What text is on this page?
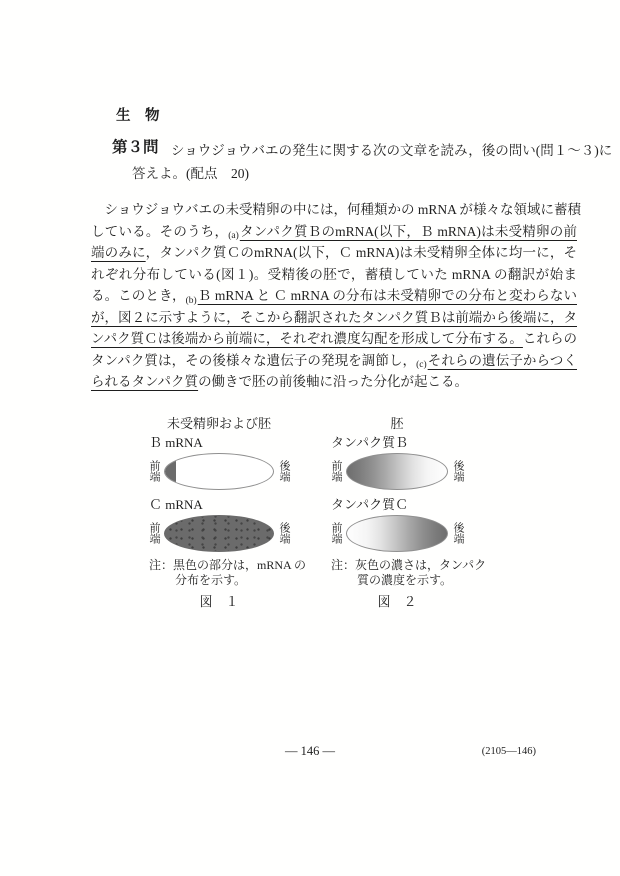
生　物
第３問 ショウジョウバエの発生に関する次の文章を読み，後の問い(問１～３)に
答えよ。(配点　20)
　ショウジョウバエの未受精卵の中には，何種類かの mRNA が様々な領域に蓄積
している。そのうち，(a)タンパク質ＢのmRNA(以下，Ｂ mRNA)は未受精卵の前
端のみに，タンパク質ＣのmRNA(以下，Ｃ mRNA)は未受精卵全体に均一に，そ
れぞれ分布している(図１)。受精後の胚で，蓄積していた mRNA の翻訳が始ま
る。このとき，(b)Ｂ mRNA と Ｃ mRNA の分布は未受精卵での分布と変わらない
が，図２に示すように，そこから翻訳されたタンパク質Ｂは前端から後端に，タ
ンパク質Ｃは後端から前端に，それぞれ濃度勾配を形成して分布する。これらの
タンパク質は，その後様々な遺伝子の発現を調節し，(c)それらの遺伝子からつく
られるタンパク質の働きで胚の前後軸に沿った分化が起こる。
未受精卵および胚
Ｂ mRNA
前端	後端
Ｃ mRNA
前端	後端
注：黒色の部分は，mRNA の
分布を示す。
図　１
胚
タンパク質Ｂ
前端	後端
タンパク質Ｃ
前端	後端
注：灰色の濃さは，タンパク
質の濃度を示す。
図　２
— 146 —	(2105—146)
